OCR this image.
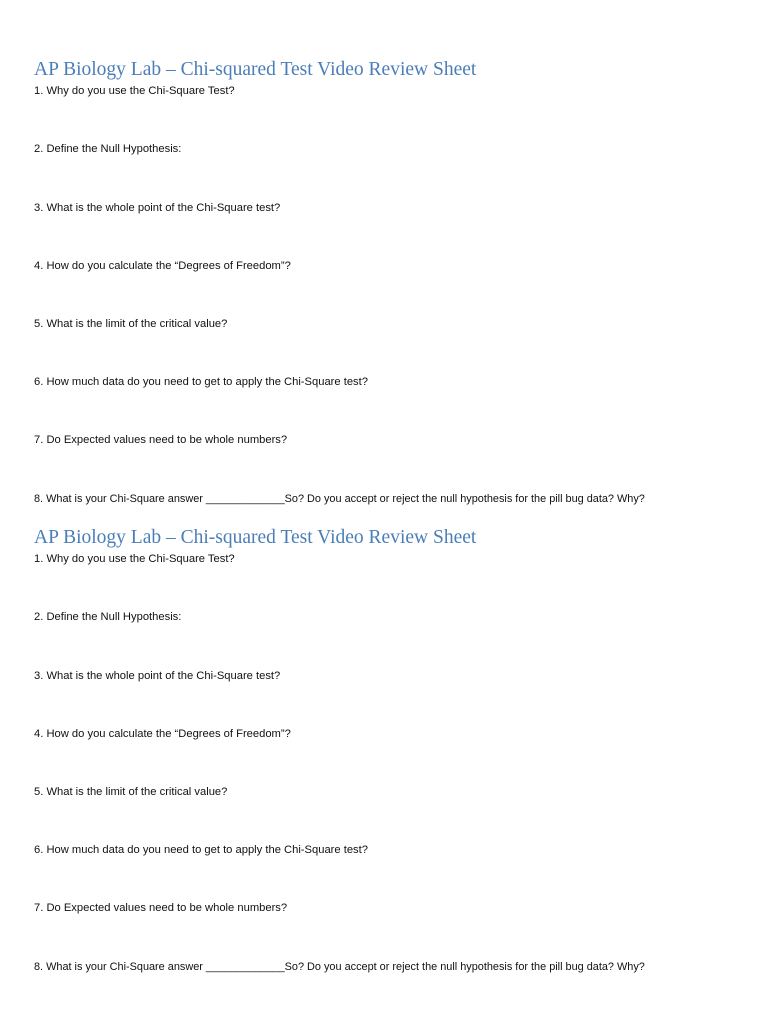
AP Biology Lab – Chi-squared Test Video Review Sheet

1. Why do you use the Chi-Square Test?

2. Define the Null Hypothesis:

3. What is the whole point of the Chi-Square test?

4. How do you calculate the “Degrees of Freedom”?

5. What is the limit of the critical value?

6. How much data do you need to get to apply the Chi-Square test?

7. Do Expected values need to be whole numbers?

8. What is your Chi-Square answer _____________So? Do you accept or reject the null hypothesis for the pill bug data? Why?

AP Biology Lab – Chi-squared Test Video Review Sheet

1. Why do you use the Chi-Square Test?

2. Define the Null Hypothesis:

3. What is the whole point of the Chi-Square test?

4. How do you calculate the “Degrees of Freedom”?

5. What is the limit of the critical value?

6. How much data do you need to get to apply the Chi-Square test?

7. Do Expected values need to be whole numbers?

8. What is your Chi-Square answer _____________So? Do you accept or reject the null hypothesis for the pill bug data? Why?
